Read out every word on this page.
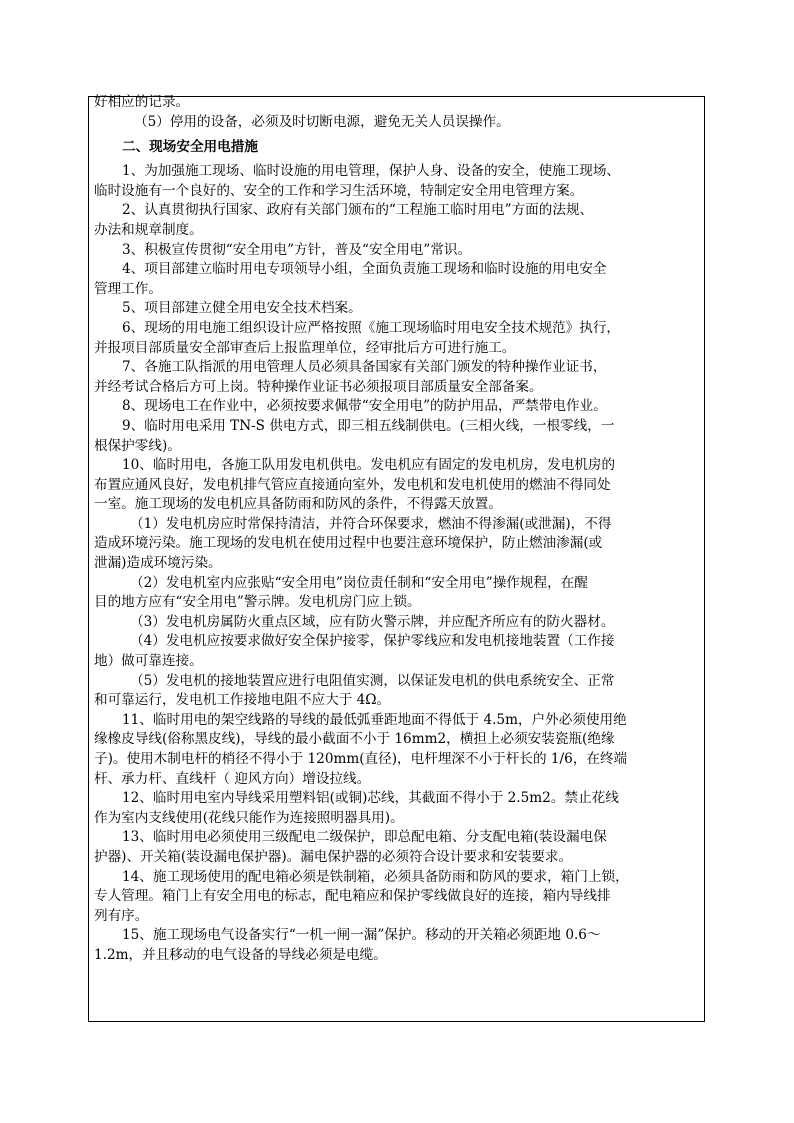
好相应的记录。
（5）停用的设备，必须及时切断电源，避免无关人员误操作。
二、现场安全用电措施
1、为加强施工现场、临时设施的用电管理，保护人身、设备的安全，使施工现场、
临时设施有一个良好的、安全的工作和学习生活环境，特制定安全用电管理方案。
2、认真贯彻执行国家、政府有关部门颁布的“工程施工临时用电”方面的法规、
办法和规章制度。
3、积极宣传贯彻“安全用电”方针，普及“安全用电”常识。
4、项目部建立临时用电专项领导小组，全面负责施工现场和临时设施的用电安全
管理工作。
5、项目部建立健全用电安全技术档案。
6、现场的用电施工组织设计应严格按照《施工现场临时用电安全技术规范》执行，
并报项目部质量安全部审查后上报监理单位，经审批后方可进行施工。
7、各施工队指派的用电管理人员必须具备国家有关部门颁发的特种操作业证书，
并经考试合格后方可上岗。特种操作业证书必须报项目部质量安全部备案。
8、现场电工在作业中，必须按要求佩带“安全用电”的防护用品，严禁带电作业。
9、临时用电采用 TN-S 供电方式，即三相五线制供电。(三相火线，一根零线，一
根保护零线)。
10、临时用电，各施工队用发电机供电。发电机应有固定的发电机房，发电机房的
布置应通风良好，发电机排气管应直接通向室外，发电机和发电机使用的燃油不得同处
一室。施工现场的发电机应具备防雨和防风的条件，不得露天放置。
（1）发电机房应时常保持清洁，并符合环保要求，燃油不得渗漏(或泄漏)，不得
造成环境污染。施工现场的发电机在使用过程中也要注意环境保护，防止燃油渗漏(或
泄漏)造成环境污染。
（2）发电机室内应张贴“安全用电”岗位责任制和“安全用电”操作规程，在醒
目的地方应有“安全用电”警示牌。发电机房门应上锁。
（3）发电机房属防火重点区域，应有防火警示牌，并应配齐所应有的防火器材。
（4）发电机应按要求做好安全保护接零，保护零线应和发电机接地装置（工作接
地）做可靠连接。
（5）发电机的接地装置应进行电阻值实测，以保证发电机的供电系统安全、正常
和可靠运行，发电机工作接地电阻不应大于 4Ω。
11、临时用电的架空线路的导线的最低弧垂距地面不得低于 4.5m，户外必须使用绝
缘橡皮导线(俗称黑皮线)，导线的最小截面不小于 16mm2，横担上必须安装瓷瓶(绝缘
子)。使用木制电杆的梢径不得小于 120mm(直径)，电杆埋深不小于杆长的 1/6，在终端
杆、承力杆、直线杆（ 迎风方向）增设拉线。
12、临时用电室内导线采用塑料铝(或铜)芯线，其截面不得小于 2.5m2。禁止花线
作为室内支线使用(花线只能作为连接照明器具用)。
13、临时用电必须使用三级配电二级保护，即总配电箱、分支配电箱(装设漏电保
护器)、开关箱(装设漏电保护器)。漏电保护器的必须符合设计要求和安装要求。
14、施工现场使用的配电箱必须是铁制箱，必须具备防雨和防风的要求，箱门上锁，
专人管理。箱门上有安全用电的标志，配电箱应和保护零线做良好的连接，箱内导线排
列有序。
15、施工现场电气设备实行“一机一闸一漏”保护。移动的开关箱必须距地 0.6～
1.2m，并且移动的电气设备的导线必须是电缆。
